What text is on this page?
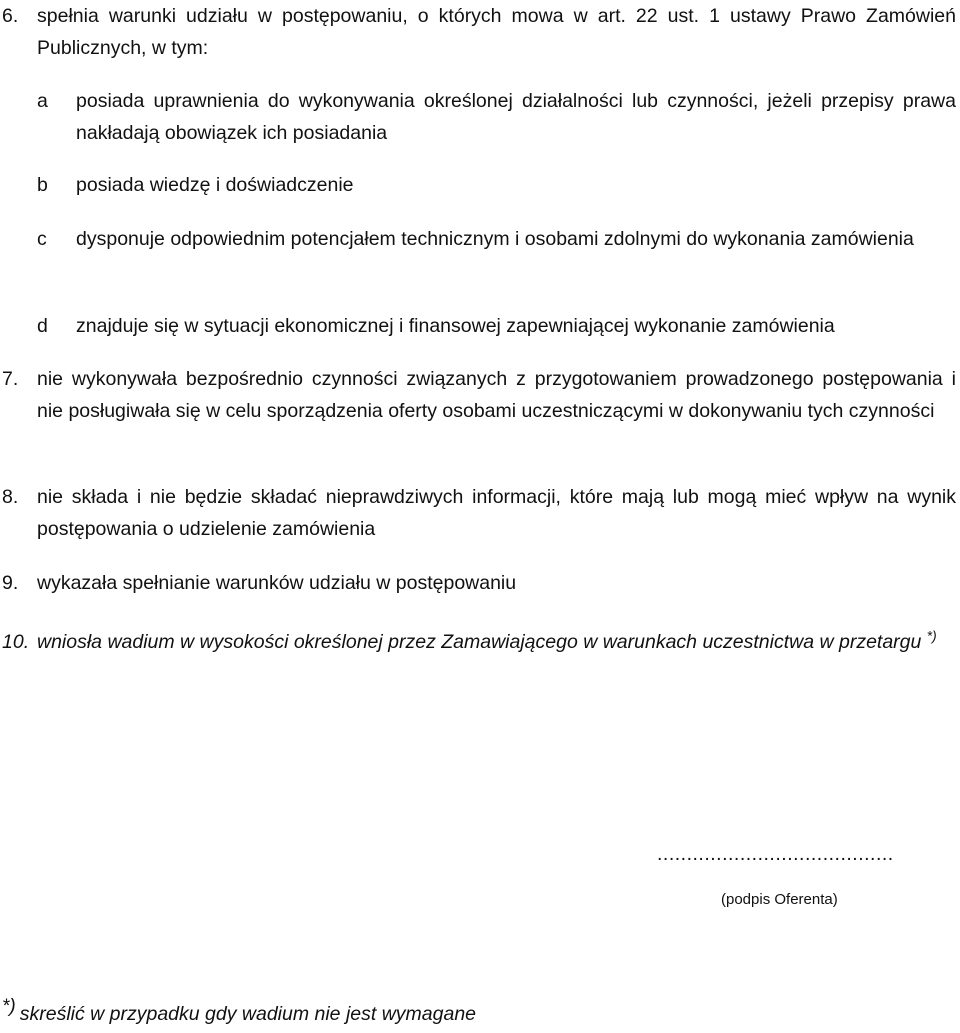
6. spełnia warunki udziału w postępowaniu, o których mowa w art. 22 ust. 1 ustawy Prawo Zamówień Publicznych, w tym:
a posiada uprawnienia do wykonywania określonej działalności lub czynności, jeżeli przepisy prawa nakładają obowiązek ich posiadania
b posiada wiedzę i doświadczenie
c dysponuje odpowiednim potencjałem technicznym i osobami zdolnymi do wykonania zamówienia
d znajduje się w sytuacji ekonomicznej i finansowej zapewniającej wykonanie zamówienia
7. nie wykonywała bezpośrednio czynności związanych z przygotowaniem prowadzonego postępowania i nie posługiwała się w celu sporządzenia oferty osobami uczestniczącymi w dokonywaniu tych czynności
8. nie składa i nie będzie składać nieprawdziwych informacji, które mają lub mogą mieć wpływ na wynik postępowania o udzielenie zamówienia
9. wykazała spełnianie warunków udziału w postępowaniu
10. wniosła wadium w wysokości określonej przez Zamawiającego w warunkach uczestnictwa w przetargu *)
........................................
(podpis Oferenta)
*) skreślić w przypadku gdy wadium nie jest wymagane
